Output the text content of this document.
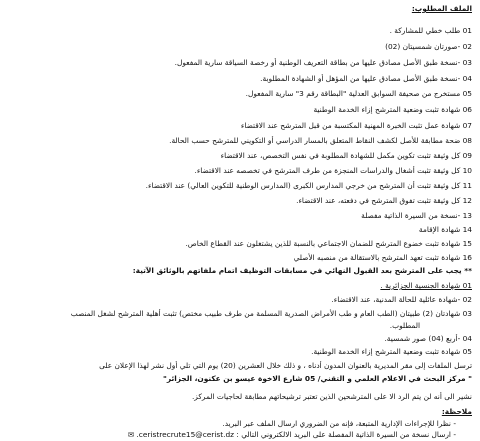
الملف المطلوب:
01 طلب خطي للمشاركة .
02 -صورتان شمسيتان (02)
03 -نسخة طبق الأصل مصادق عليها من بطاقة التعريف الوطنية أو رخصة السياقة سارية المفعول.
04 -نسخة طبق الأصل مصادق عليها من المؤهل أو الشهادة المطلوبة.
05 مستخرج من صحيفة السوابق العدلية "البطاقة رقم 3" سارية المفعول.
06 شهادة تثبت وضعية المترشح إزاء الخدمة الوطنية
07 شهادة عمل تثبت الخبرة المهنية المكتسبة من قبل المترشح عند الاقتضاء
08 ضحة مطابقة للأصل لكشف النقاط المتعلق بالمسار الدراسي أو التكويني للمترشح حسب الحالة.
09 كل وثيقة تثبت تكوين مكمل للشهادة المطلوبة في نفس التخصص، عند الاقتضاء
10 كل وثيقة تثبت أشغال والدراسات المنجزة من طرف المترشح في تخصصه عند الاقتضاء.
11 كل وثيقة تثبت أن المترشح من خرجي المدارس الكبرى (المدارس الوطنية للتكوين العالي) عند الاقتضاء.
12 كل وثيقة تثبت تفوق المترشح في دفعته، عند الاقتضاء.
13 -نسخة من السيرة الذاتية مفصلة
14 شهادة الإقامة
15 شهادة تثبت خضوع المترشح للضمان الاجتماعي بالنسبة للذين يشتغلون عند القطاع الخاص.
16 شهادة تثبت تعهد المترشح بالاستقالة من منصبه الأصلي
** يجب على المترشح بعد القبول النهائي في مسابقات التوظيف اتمام ملفاتهم بالوثائق الآتية:
01 شهادة الجنسية الجزائرية .
02 -شهادة عائلية للحالة المدنية، عند الاقتضاء.
03 شهادتان (2) طبيتان (الطب العام و طب الأمراض الصدرية المسلمة من طرف طبيب مختص) تثبت أهلية المترشح لشغل المنصب
المطلوب.
04 -أربع (04) صور شمسية.
05 شهادة تثبت وضعية المترشح إزاء الخدمة الوطنية.
ترسل الملفات إلى مقر المديرية بالعنوان المدون أدناه ، و ذلك خلال العشرين (20) يوم التي تلي أول نشر لهذا الإعلان على
" مركز البحث في الاعلام العلمي و التقني/ 05 شارع الاخوة عيسو بن عكنون، الجزائر"
نشير الى أنه لن يتم الرد الا على المترشحين الذين تعتبر ترشيحاتهم مطابقة لحاجيات المركز.
ملاحظة:
- نظرا للإجراءات الإدارية المتبعة، فإنه من الضروري ارسال الملف عبر البريد.
- ارسال نسخة من السيرة الذاتية المفصلة على البريد الالكتروني التالي : ceristrecrute15@cerist.dz. ✉
